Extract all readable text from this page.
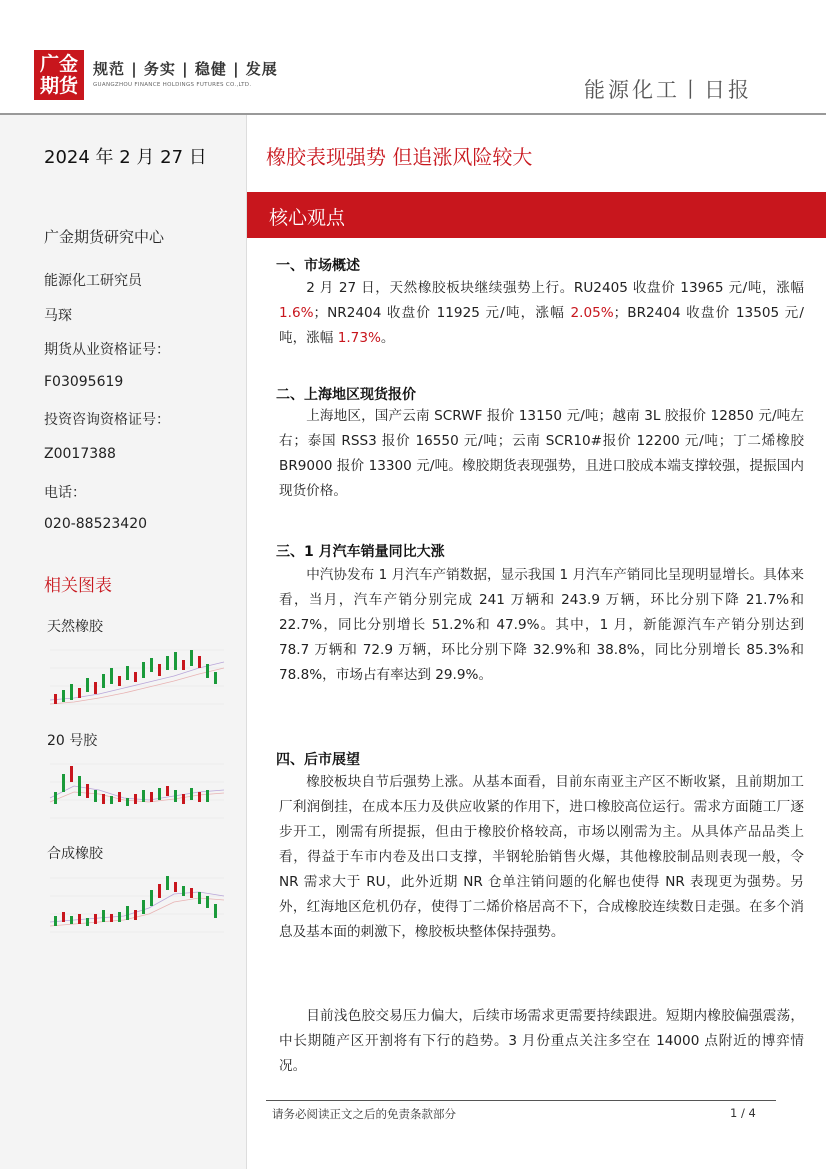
广金
期货
规范 | 务实 | 稳健 | 发展
GUANGZHOU FINANCE HOLDINGS FUTURES CO.,LTD.	能源化工丨日报
2024 年 2 月 27 日	橡胶表现强势 但追涨风险较大
核心观点
广金期货研究中心
能源化工研究员
马琛
期货从业资格证号：
F03095619
投资咨询资格证号：
Z0017388
电话：
020-88523420
相关图表
天然橡胶
20 号胶
合成橡胶
一、市场概述
2 月 27 日，天然橡胶板块继续强势上行。RU2405 收盘价 13965 元/吨，涨幅 1.6%；NR2404 收盘价 11925 元/吨，涨幅 2.05%；BR2404 收盘价 13505 元/吨，涨幅 1.73%。
二、上海地区现货报价
上海地区，国产云南 SCRWF 报价 13150 元/吨；越南 3L 胶报价 12850 元/吨左右；泰国 RSS3 报价 16550 元/吨；云南 SCR10#报价 12200 元/吨；丁二烯橡胶 BR9000 报价 13300 元/吨。橡胶期货表现强势，且进口胶成本端支撑较强，提振国内现货价格。
三、1 月汽车销量同比大涨
中汽协发布 1 月汽车产销数据，显示我国 1 月汽车产销同比呈现明显增长。具体来看，当月，汽车产销分别完成 241 万辆和 243.9 万辆，环比分别下降 21.7%和 22.7%，同比分别增长 51.2%和 47.9%。其中，1 月，新能源汽车产销分别达到 78.7 万辆和 72.9 万辆，环比分别下降 32.9%和 38.8%，同比分别增长 85.3%和 78.8%，市场占有率达到 29.9%。
四、后市展望
橡胶板块自节后强势上涨。从基本面看，目前东南亚主产区不断收紧，且前期加工厂利润倒挂，在成本压力及供应收紧的作用下，进口橡胶高位运行。需求方面随工厂逐步开工，刚需有所提振，但由于橡胶价格较高，市场以刚需为主。从具体产品品类上看，得益于车市内卷及出口支撑，半钢轮胎销售火爆，其他橡胶制品则表现一般，令 NR 需求大于 RU，此外近期 NR 仓单注销问题的化解也使得 NR 表现更为强势。另外，红海地区危机仍存，使得丁二烯价格居高不下，合成橡胶连续数日走强。在多个消息及基本面的刺激下，橡胶板块整体保持强势。
目前浅色胶交易压力偏大，后续市场需求更需要持续跟进。短期内橡胶偏强震荡，中长期随产区开割将有下行的趋势。3 月份重点关注多空在 14000 点附近的博弈情况。
请务必阅读正文之后的免责条款部分	1 / 4
